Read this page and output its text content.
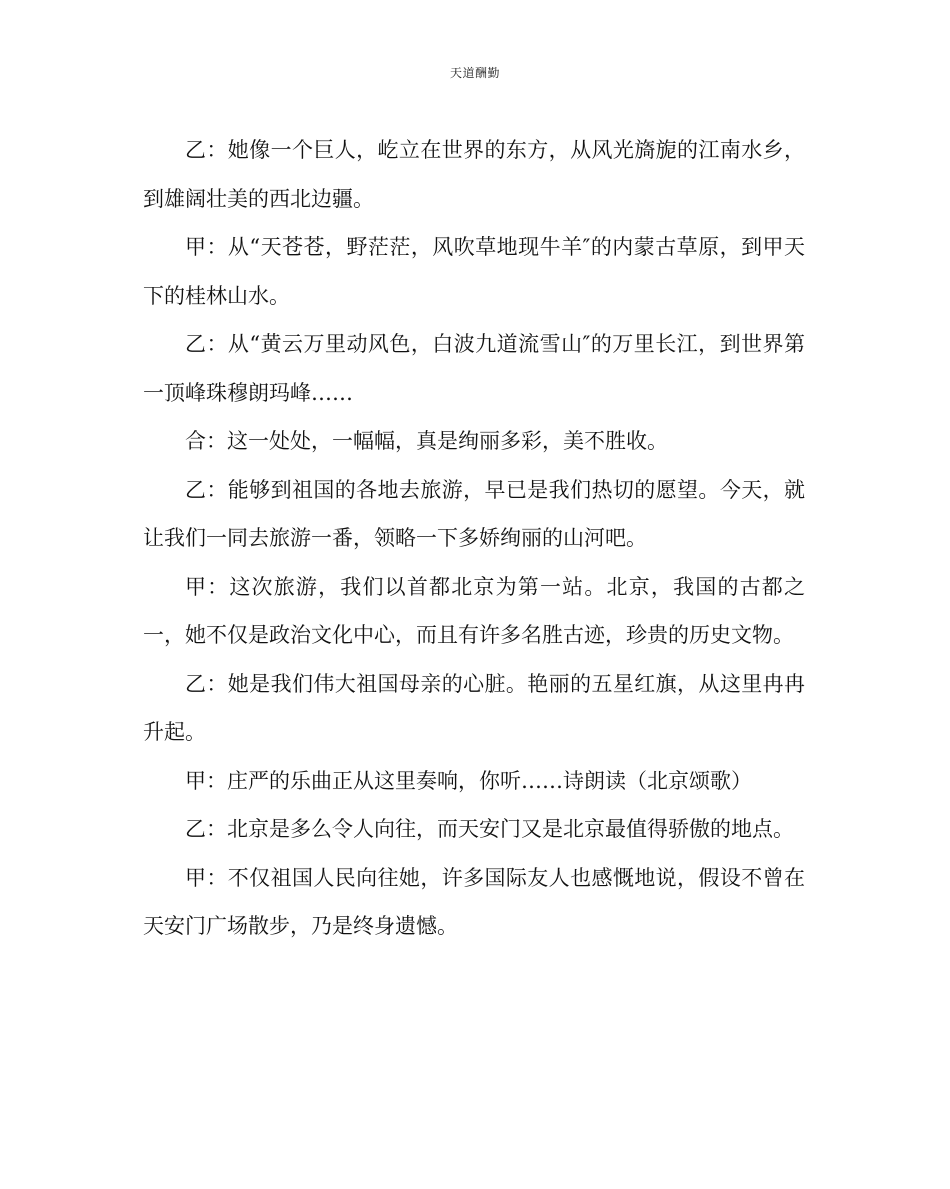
天道酬勤

乙：她像一个巨人，屹立在世界的东方，从风光旖旎的江南水乡，到雄阔壮美的西北边疆。

甲：从“天苍苍，野茫茫，风吹草地现牛羊″的内蒙古草原，到甲天下的桂林山水。

乙：从“黄云万里动风色，白波九道流雪山″的万里长江，到世界第一顶峰珠穆朗玛峰……

合：这一处处，一幅幅，真是绚丽多彩，美不胜收。

乙：能够到祖国的各地去旅游，早已是我们热切的愿望。今天，就让我们一同去旅游一番，领略一下多娇绚丽的山河吧。

甲：这次旅游，我们以首都北京为第一站。北京，我国的古都之一，她不仅是政治文化中心，而且有许多名胜古迹，珍贵的历史文物。

乙：她是我们伟大祖国母亲的心脏。艳丽的五星红旗，从这里冉冉升起。

甲：庄严的乐曲正从这里奏响，你听……诗朗读（北京颂歌）

乙：北京是多么令人向往，而天安门又是北京最值得骄傲的地点。

甲：不仅祖国人民向往她，许多国际友人也感慨地说，假设不曾在天安门广场散步，乃是终身遗憾。
